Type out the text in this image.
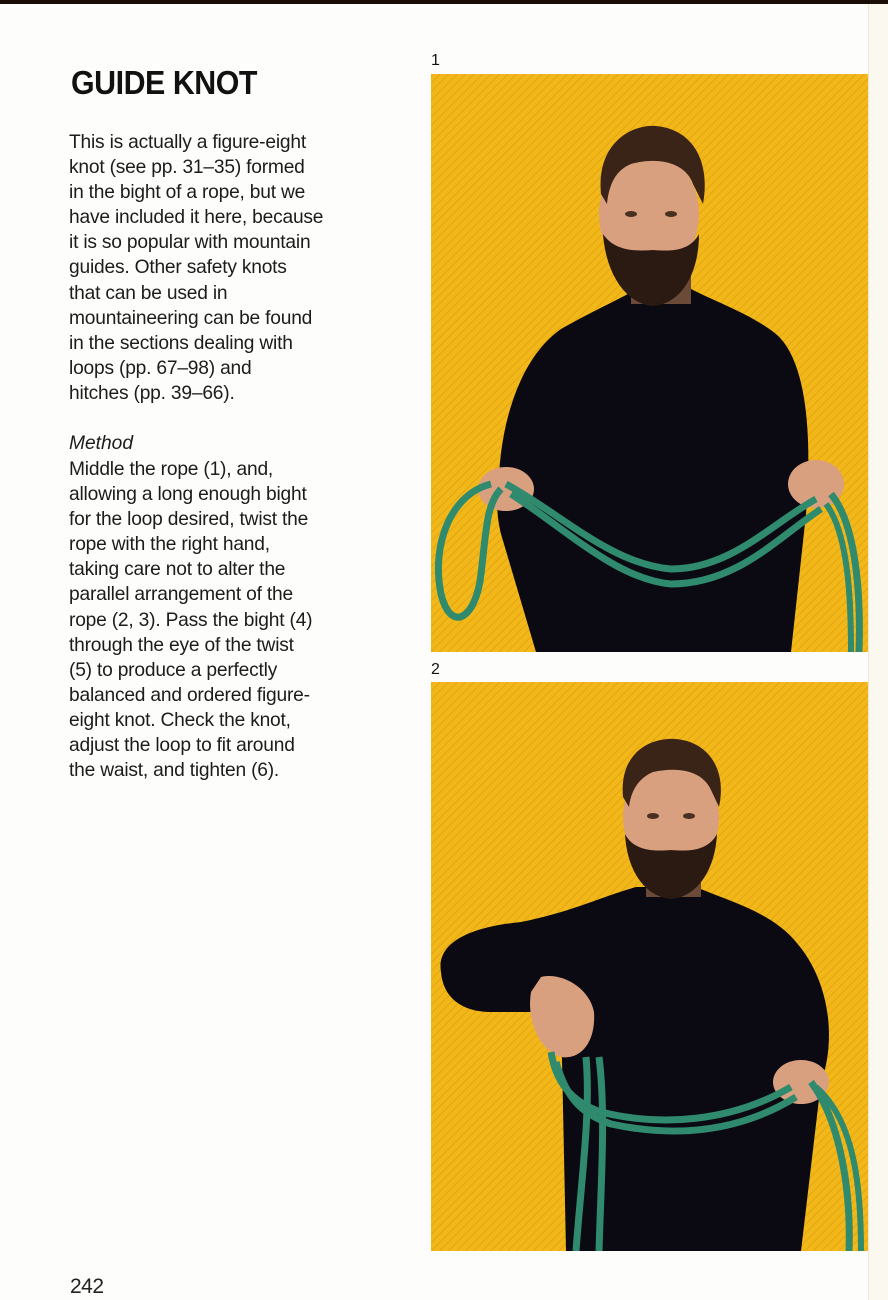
GUIDE KNOT
This is actually a figure-eight
knot (see pp. 31–35) formed
in the bight of a rope, but we
have included it here, because
it is so popular with mountain
guides. Other safety knots
that can be used in
mountaineering can be found
in the sections dealing with
loops (pp. 67–98) and
hitches (pp. 39–66).
Method
Middle the rope (1), and,
allowing a long enough bight
for the loop desired, twist the
rope with the right hand,
taking care not to alter the
parallel arrangement of the
rope (2, 3). Pass the bight (4)
through the eye of the twist
(5) to produce a perfectly
balanced and ordered figure-
eight knot. Check the knot,
adjust the loop to fit around
the waist, and tighten (6).
1
2
242
